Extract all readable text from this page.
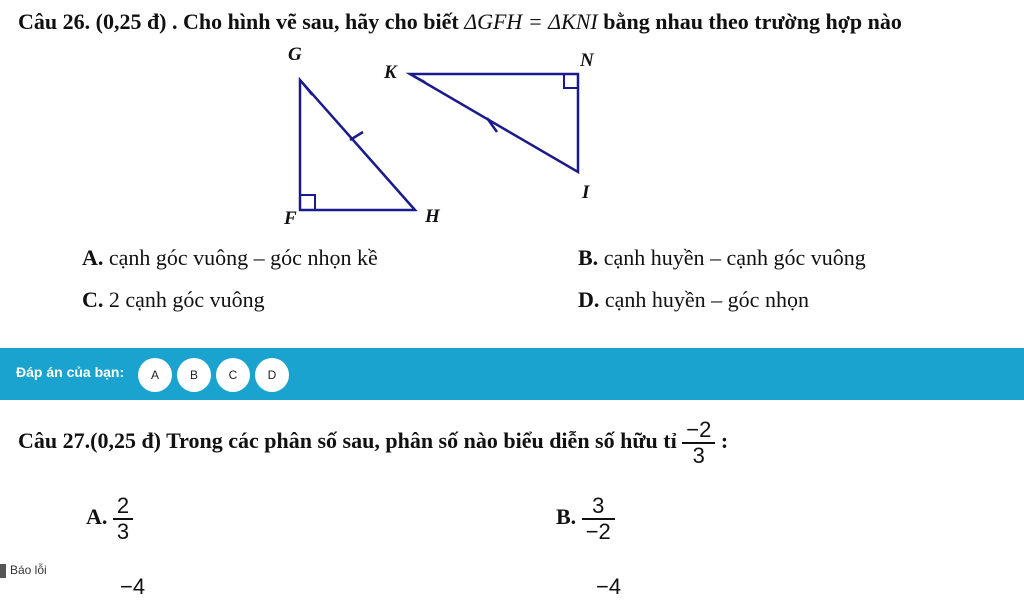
Câu 26. (0,25 đ) . Cho hình vẽ sau, hãy cho biết ΔGFH = ΔKNI bằng nhau theo trường hợp nào
G
F	H
K
N
I
A. cạnh góc vuông – góc nhọn kề	B. cạnh huyền – cạnh góc vuông
C. 2 cạnh góc vuông	D. cạnh huyền – góc nhọn
Đáp án của bạn:	A	B	C	D
Câu 27.(0,25 đ) Trong các phân số sau, phân số nào biểu diễn số hữu tỉ $\frac{-2}{3}$ :
A. $\frac{2}{3}$	B. $\frac{3}{-2}$
−4	−4
Báo lỗi
